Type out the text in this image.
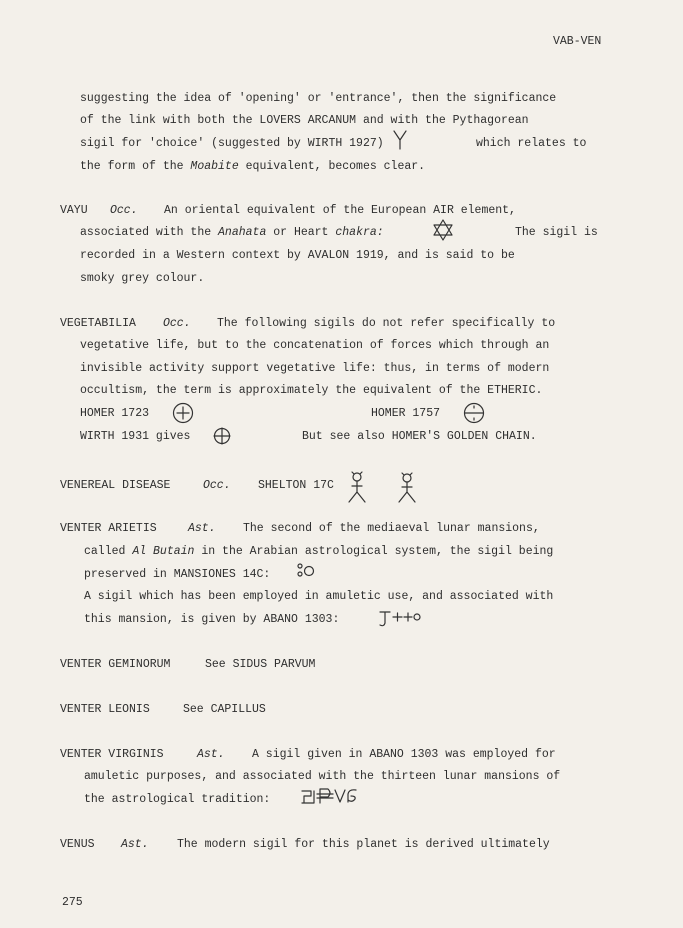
VAB-VEN
suggesting the idea of 'opening' or 'entrance', then the significance
of the link with both the LOVERS ARCANUM and with the Pythagorean
sigil for 'choice' (suggested by WIRTH 1927)	which relates to
the form of the Moabite equivalent, becomes clear.
VAYU Occ. An oriental equivalent of the European AIR element,
associated with the Anahata or Heart chakra:	The sigil is
recorded in a Western context by AVALON 1919, and is said to be
smoky grey colour.
VEGETABILIA Occ. The following sigils do not refer specifically to
vegetative life, but to the concatenation of forces which through an
invisible activity support vegetative life: thus, in terms of modern
occultism, the term is approximately the equivalent of the ETHERIC.
HOMER 1723	HOMER 1757
WIRTH 1931 gives	But see also HOMER'S GOLDEN CHAIN.
VENEREAL DISEASE	Occ. SHELTON 17C
VENTER ARIETIS	Ast. The second of the mediaeval lunar mansions,
called Al Butain in the Arabian astrological system, the sigil being
preserved in MANSIONES 14C:
A sigil which has been employed in amuletic use, and associated with
this mansion, is given by ABANO 1303:
VENTER GEMINORUM	See SIDUS PARVUM
VENTER LEONIS	See CAPILLUS
VENTER VIRGINIS	Ast. A sigil given in ABANO 1303 was employed for
amuletic purposes, and associated with the thirteen lunar mansions of
the astrological tradition:
VENUS Ast. The modern sigil for this planet is derived ultimately
275
